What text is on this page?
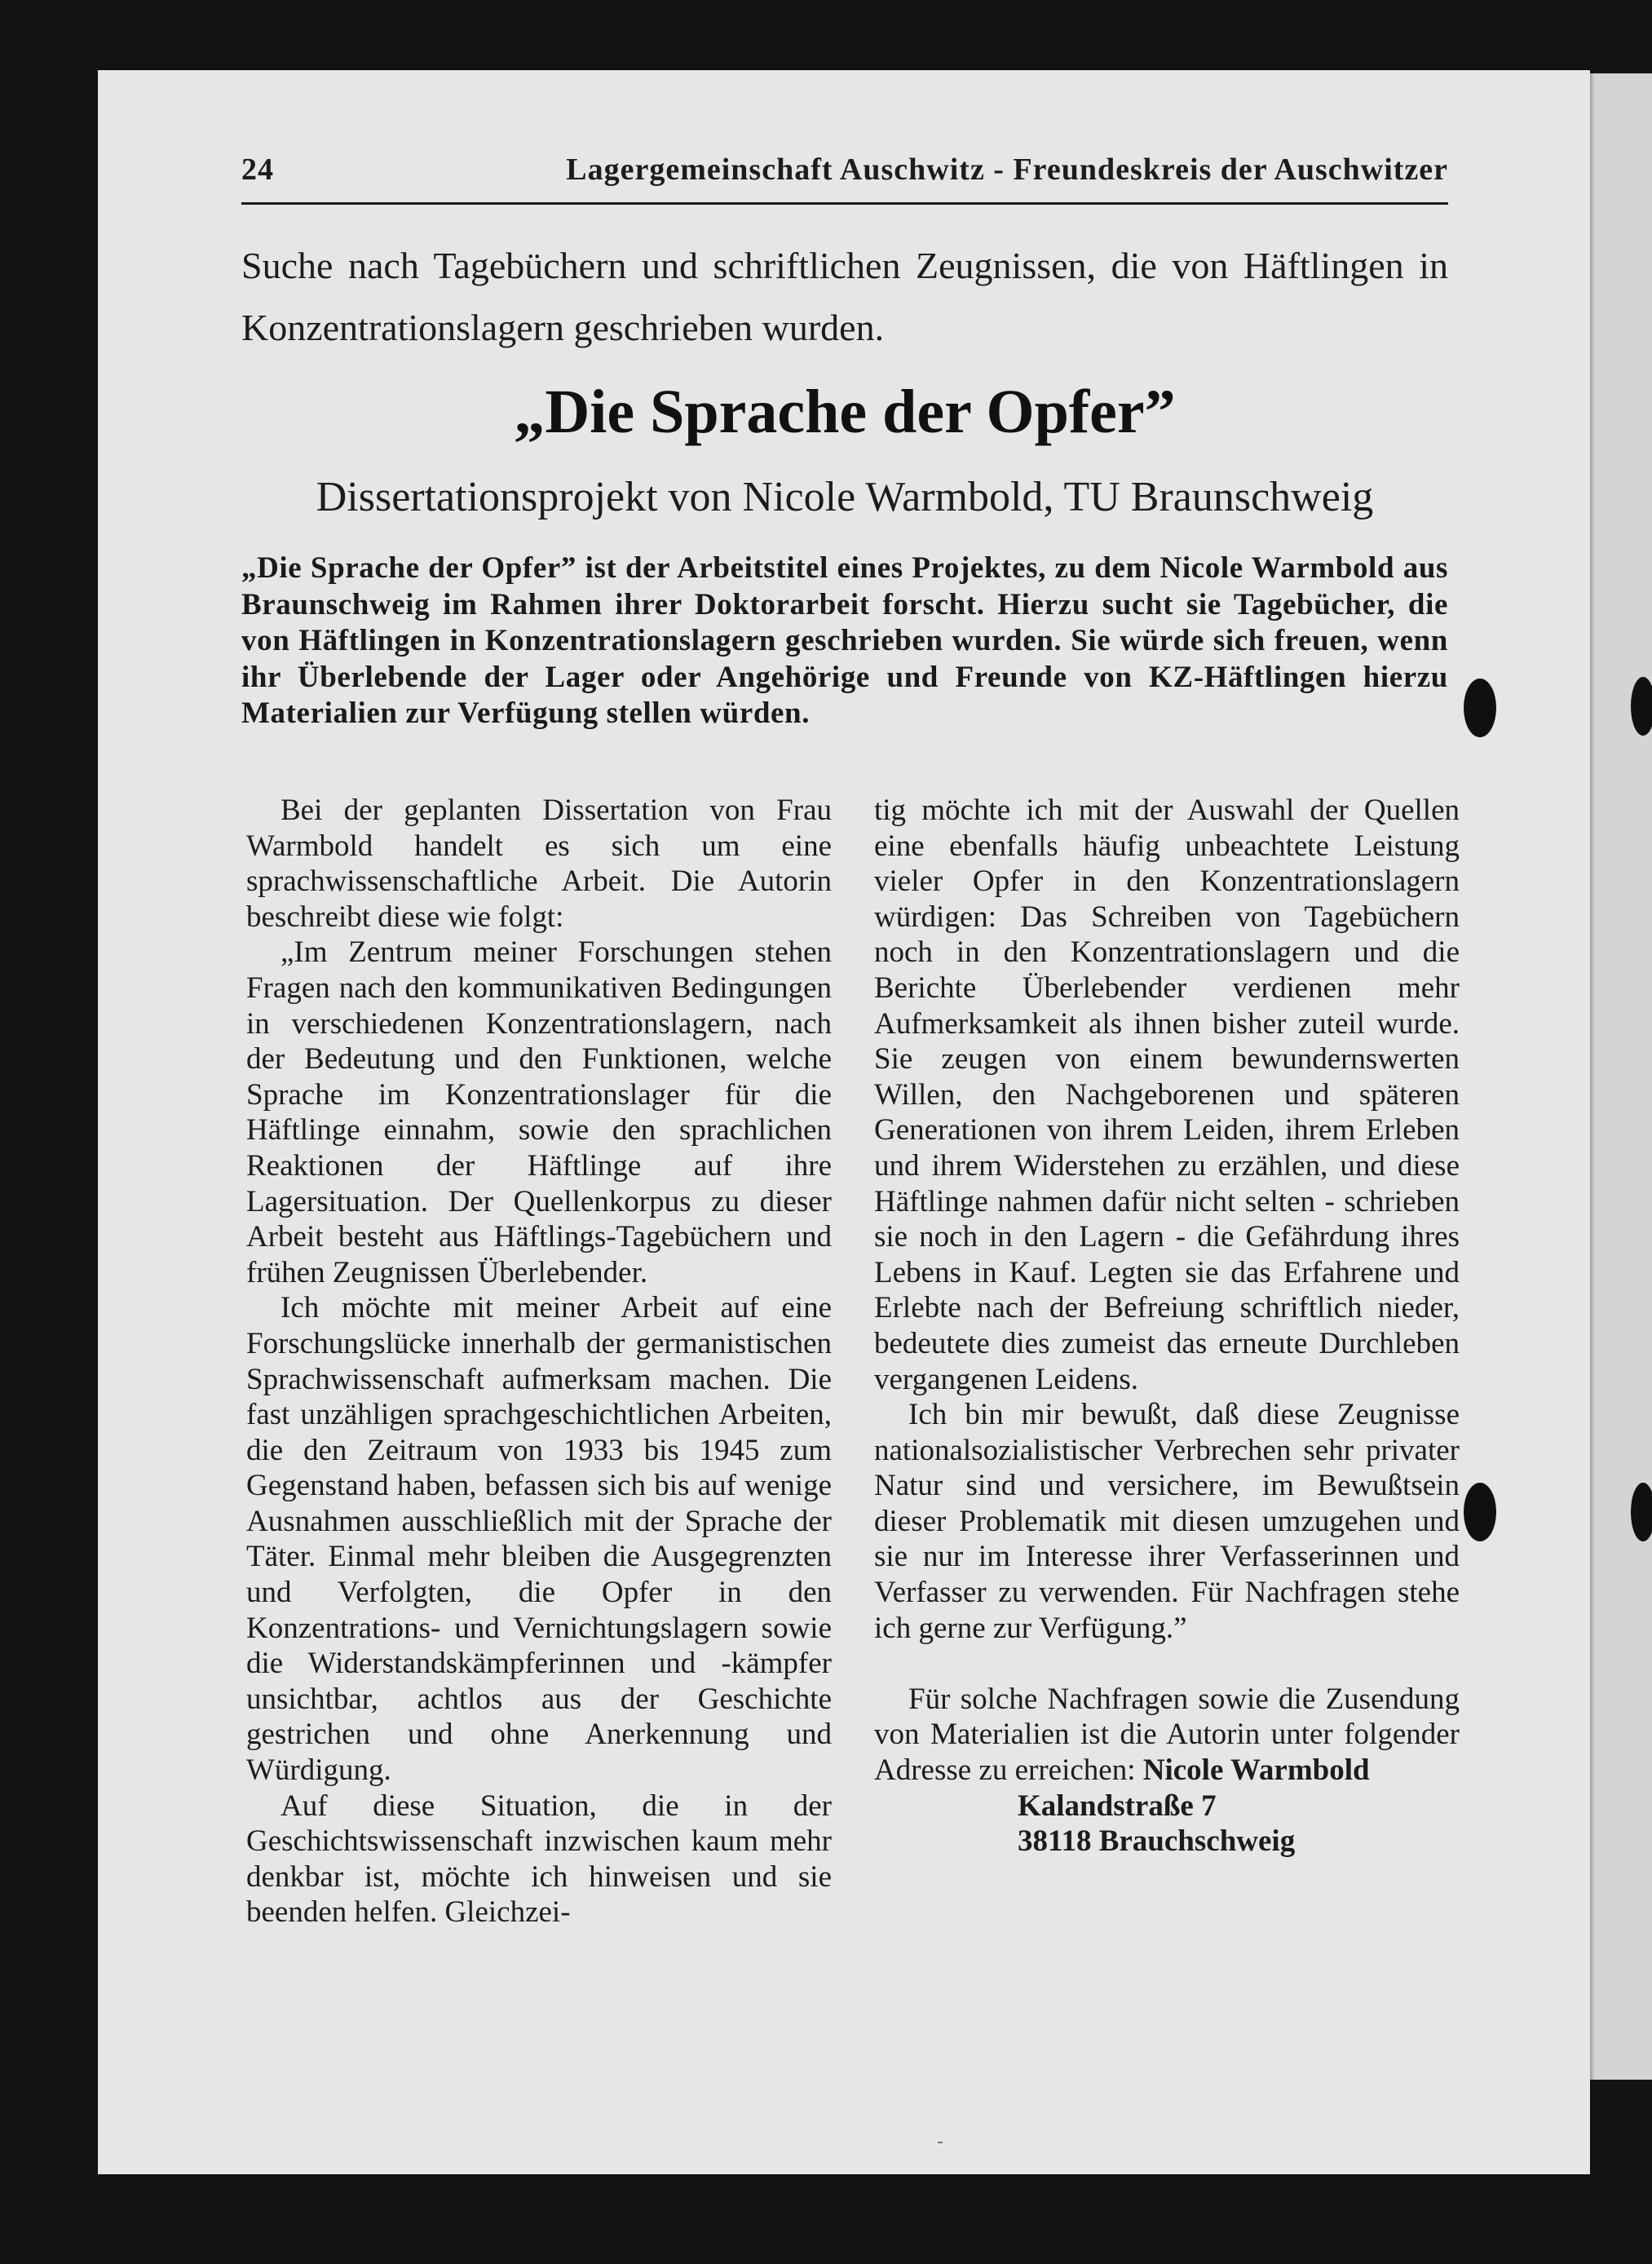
24	Lagergemeinschaft Auschwitz - Freundeskreis der Auschwitzer
Suche nach Tagebüchern und schriftlichen Zeugnissen, die von Häftlingen in Konzentrationslagern geschrieben wurden.
„Die Sprache der Opfer”
Dissertationsprojekt von Nicole Warmbold, TU Braunschweig
„Die Sprache der Opfer” ist der Arbeitstitel eines Projektes, zu dem Nicole Warmbold aus Braunschweig im Rahmen ihrer Doktorarbeit forscht. Hierzu sucht sie Tagebücher, die von Häftlingen in Konzentrationslagern geschrieben wurden. Sie würde sich freuen, wenn ihr Überlebende der Lager oder Angehörige und Freunde von KZ-Häftlingen hierzu Materialien zur Verfügung stellen würden.

Bei der geplanten Dissertation von Frau Warmbold handelt es sich um eine sprachwissenschaftliche Arbeit. Die Autorin beschreibt diese wie folgt:

„Im Zentrum meiner Forschungen stehen Fragen nach den kommunikativen Bedingungen in verschiedenen Konzentrationslagern, nach der Bedeutung und den Funktionen, welche Sprache im Konzentrationslager für die Häftlinge einnahm, sowie den sprachlichen Reaktionen der Häftlinge auf ihre Lagersituation. Der Quellenkorpus zu dieser Arbeit besteht aus Häftlings-Tagebüchern und frühen Zeugnissen Überlebender.

Ich möchte mit meiner Arbeit auf eine Forschungslücke innerhalb der germanistischen Sprachwissenschaft aufmerksam machen. Die fast unzähligen sprachgeschichtlichen Arbeiten, die den Zeitraum von 1933 bis 1945 zum Gegenstand haben, befassen sich bis auf wenige Ausnahmen ausschließlich mit der Sprache der Täter. Einmal mehr bleiben die Ausgegrenzten und Verfolgten, die Opfer in den Konzentrations- und Vernichtungslagern sowie die Widerstandskämpferinnen und -kämpfer unsichtbar, achtlos aus der Geschichte gestrichen und ohne Anerkennung und Würdigung.

Auf diese Situation, die in der Geschichtswissenschaft inzwischen kaum mehr denkbar ist, möchte ich hinweisen und sie beenden helfen. Gleichzei-

tig möchte ich mit der Auswahl der Quellen eine ebenfalls häufig unbeachtete Leistung vieler Opfer in den Konzentrationslagern würdigen: Das Schreiben von Tagebüchern noch in den Konzentrationslagern und die Berichte Überlebender verdienen mehr Aufmerksamkeit als ihnen bisher zuteil wurde. Sie zeugen von einem bewundernswerten Willen, den Nachgeborenen und späteren Generationen von ihrem Leiden, ihrem Erleben und ihrem Widerstehen zu erzählen, und diese Häftlinge nahmen dafür nicht selten - schrieben sie noch in den Lagern - die Gefährdung ihres Lebens in Kauf. Legten sie das Erfahrene und Erlebte nach der Befreiung schriftlich nieder, bedeutete dies zumeist das erneute Durchleben vergangenen Leidens.

Ich bin mir bewußt, daß diese Zeugnisse nationalsozialistischer Verbrechen sehr privater Natur sind und versichere, im Bewußtsein dieser Problematik mit diesen umzugehen und sie nur im Interesse ihrer Verfasserinnen und Verfasser zu verwenden. Für Nachfragen stehe ich gerne zur Verfügung.”

Für solche Nachfragen sowie die Zusendung von Materialien ist die Autorin unter folgender Adresse zu erreichen: Nicole Warmbold

Kalandstraße 7
38118 Brauchschweig
